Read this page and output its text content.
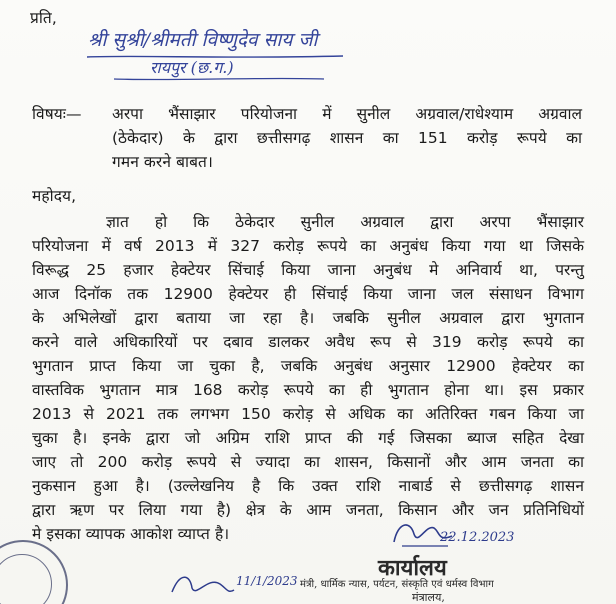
प्रति,
श्री सुश्री/श्रीमती विष्णुदेव साय जी
रायपुर (छ.ग.)
विषयः— अरपा भैंसाझार परियोजना में सुनील अग्रवाल/राधेश्याम अग्रवाल
(ठेकेदार) के द्वारा छत्तीसगढ़ शासन का 151 करोड़ रूपये का
गमन करने बाबत।
महोदय,
ज्ञात हो कि ठेकेदार सुनील अग्रवाल द्वारा अरपा भैंसाझार
परियोजना में वर्ष 2013 में 327 करोड़ रूपये का अनुबंध किया गया था जिसके
विरूद्ध 25 हजार हेक्टेयर सिंचाई किया जाना अनुबंध मे अनिवार्य था, परन्तु
आज दिनॉक तक 12900 हेक्टेयर ही सिंचाई किया जाना जल संसाधन विभाग
के अभिलेखों द्वारा बताया जा रहा है। जबकि सुनील अग्रवाल द्वारा भुगतान
करने वाले अधिकारियों पर दबाव डालकर अवैध रूप से 319 करोड़ रूपये का
भुगतान प्राप्त किया जा चुका है, जबकि अनुबंध अनुसार 12900 हेक्टेयर का
वास्तविक भुगतान मात्र 168 करोड़ रूपये का ही भुगतान होना था। इस प्रकार
2013 से 2021 तक लगभग 150 करोड़ से अधिक का अतिरिक्त गबन किया जा
चुका है। इनके द्वारा जो अग्रिम राशि प्राप्त की गई जिसका ब्याज सहित देखा
जाए तो 200 करोड़ रूपये से ज्यादा का शासन, किसानों और आम जनता का
नुकसान हुआ है। (उल्लेखनिय है कि उक्त राशि नाबार्ड से छत्तीसगढ़ शासन
द्वारा ऋण पर लिया गया है) क्षेत्र के आम जनता, किसान और जन प्रतिनिधियों
मे इसका व्यापक आकोश व्याप्त है।	22.12.2023
कार्यालय
मंत्री, धार्मिक न्यास, पर्यटन, संस्कृति एवं धर्मस्व विभाग
मंत्रालय,
11/1/2023
